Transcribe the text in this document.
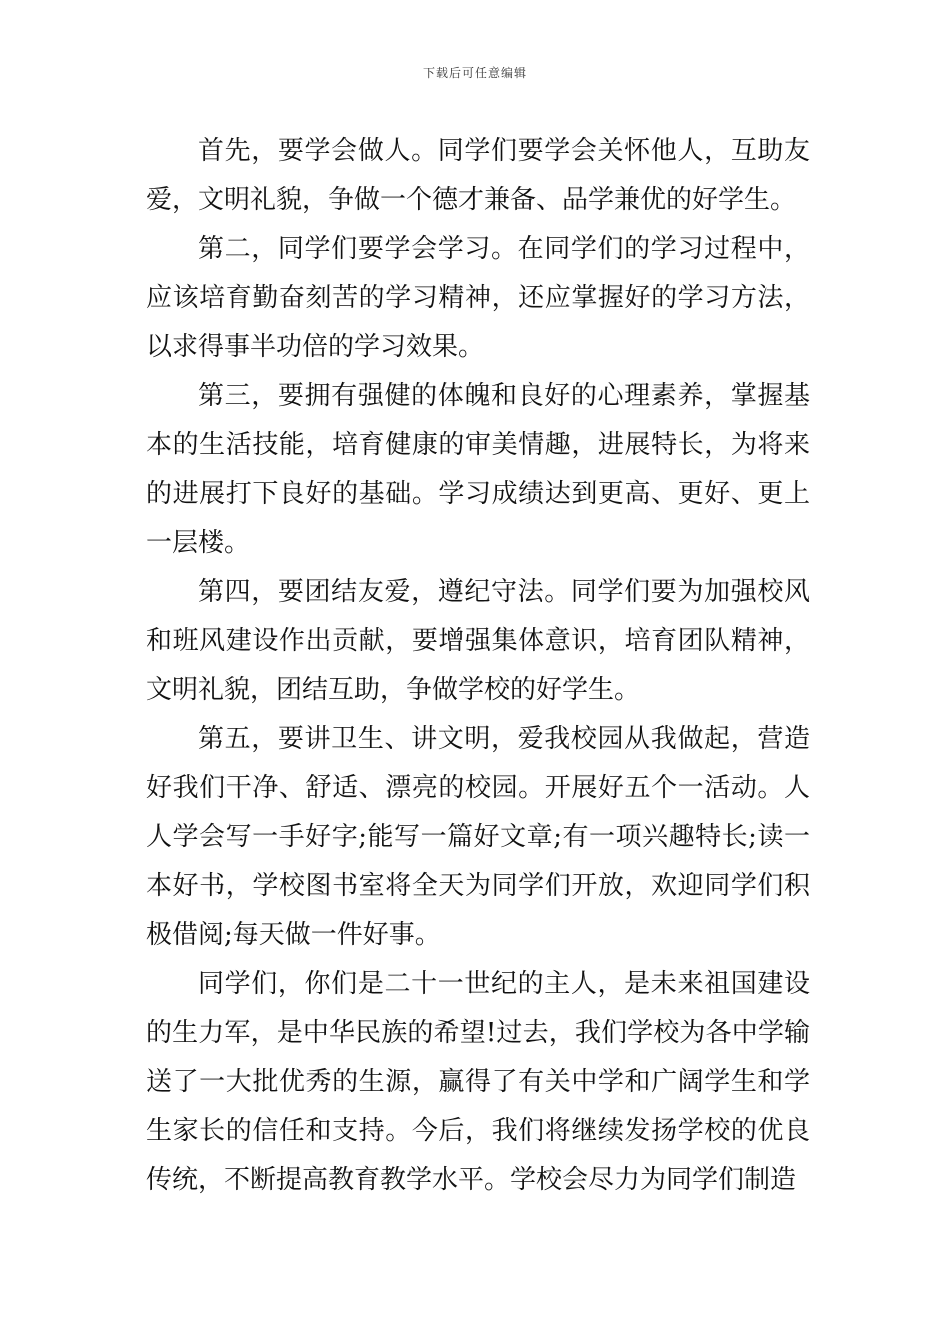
下载后可任意编辑

首先，要学会做人。同学们要学会关怀他人，互助友爱，文明礼貌，争做一个德才兼备、品学兼优的好学生。

第二，同学们要学会学习。在同学们的学习过程中，应该培育勤奋刻苦的学习精神，还应掌握好的学习方法，以求得事半功倍的学习效果。

第三，要拥有强健的体魄和良好的心理素养，掌握基本的生活技能，培育健康的审美情趣，进展特长，为将来的进展打下良好的基础。学习成绩达到更高、更好、更上一层楼。

第四，要团结友爱，遵纪守法。同学们要为加强校风和班风建设作出贡献，要增强集体意识，培育团队精神，文明礼貌，团结互助，争做学校的好学生。

第五，要讲卫生、讲文明，爱我校园从我做起，营造好我们干净、舒适、漂亮的校园。开展好五个一活动。人人学会写一手好字;能写一篇好文章;有一项兴趣特长;读一本好书，学校图书室将全天为同学们开放，欢迎同学们积极借阅;每天做一件好事。

同学们，你们是二十一世纪的主人，是未来祖国建设的生力军，是中华民族的希望!过去，我们学校为各中学输送了一大批优秀的生源，赢得了有关中学和广阔学生和学生家长的信任和支持。今后，我们将继续发扬学校的优良传统，不断提高教育教学水平。学校会尽力为同学们制造
